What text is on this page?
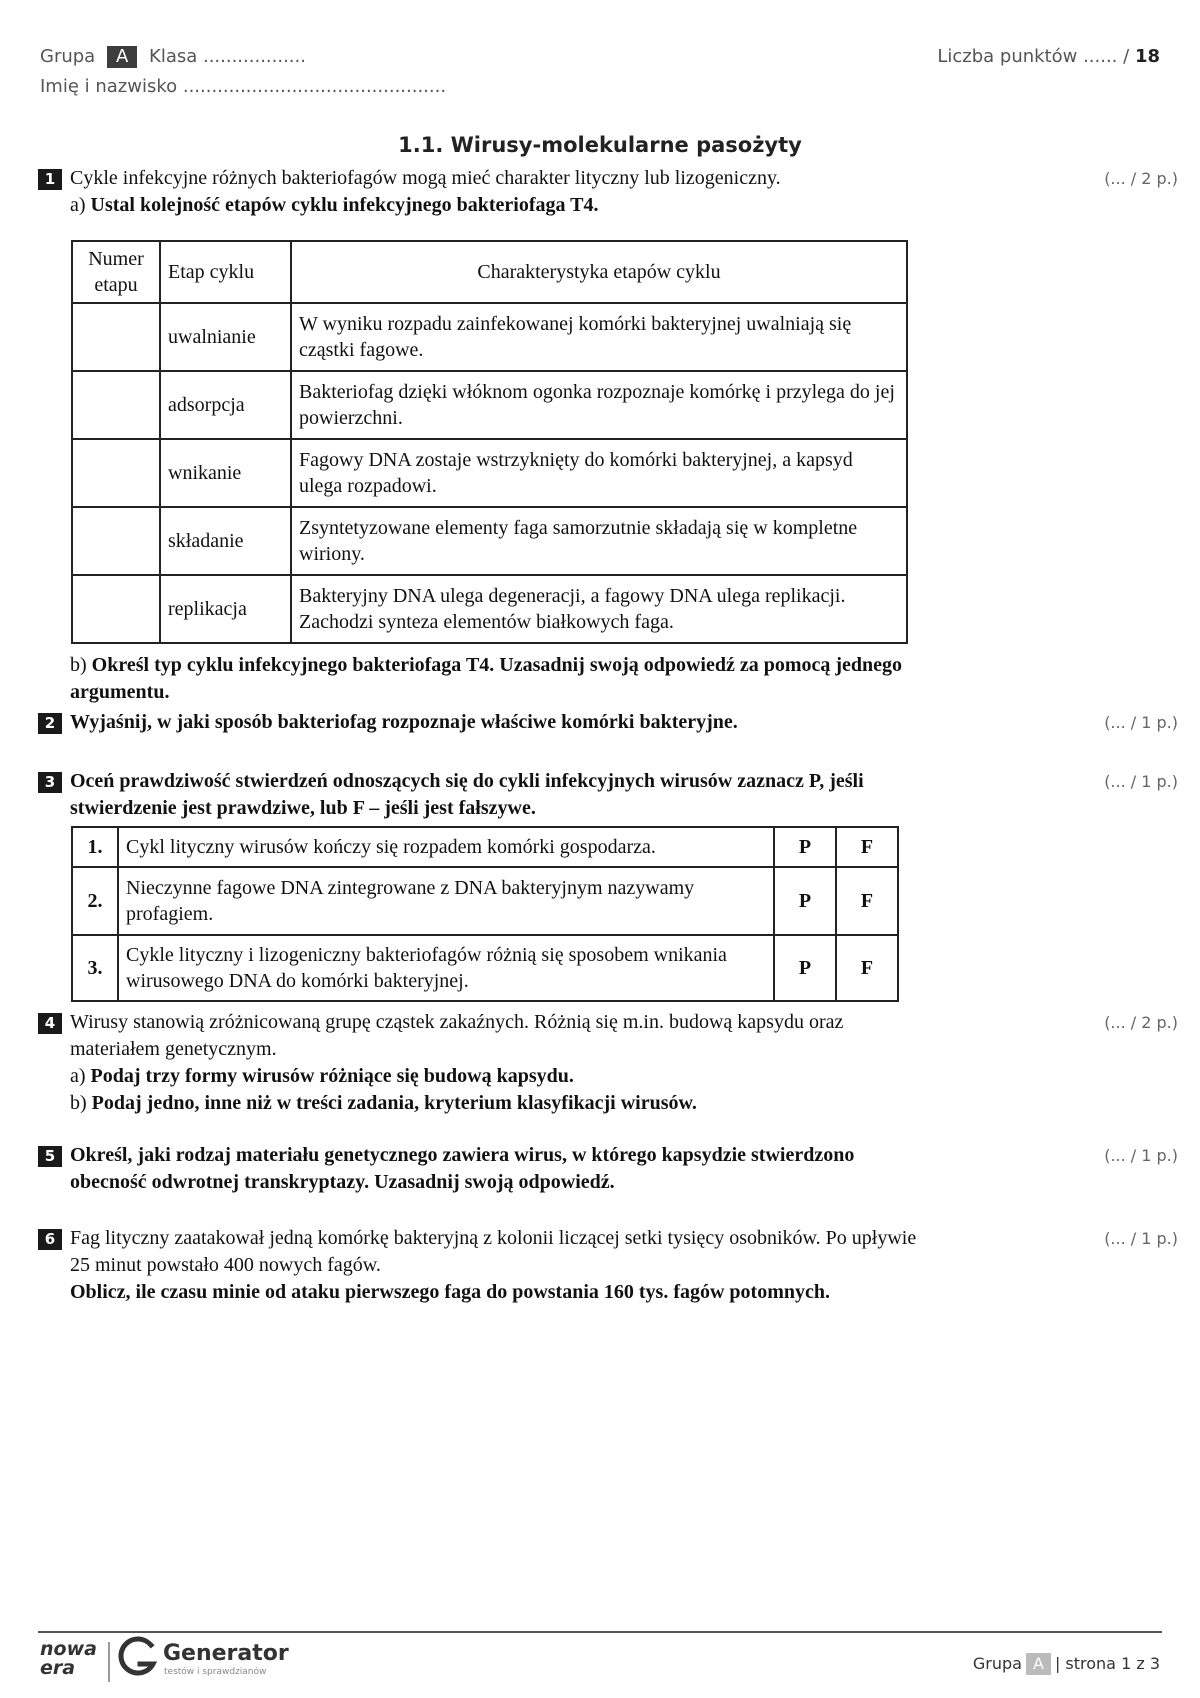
Grupa A Klasa ..................
Imię i nazwisko ..............................................
Liczba punktów ...... / 18
1.1. Wirusy-molekularne pasożyty
1	(... / 2 p.)
Cykle infekcyjne różnych bakteriofagów mogą mieć charakter lityczny lub lizogeniczny.
a) Ustal kolejność etapów cyklu infekcyjnego bakteriofaga T4.
Numer etapu	Etap cyklu	Charakterystyka etapów cyklu
	uwalnianie	W wyniku rozpadu zainfekowanej komórki bakteryjnej uwalniają się cząstki fagowe.
	adsorpcja	Bakteriofag dzięki włóknom ogonka rozpoznaje komórkę i przylega do jej powierzchni.
	wnikanie	Fagowy DNA zostaje wstrzyknięty do komórki bakteryjnej, a kapsyd ulega rozpadowi.
	składanie	Zsyntetyzowane elementy faga samorzutnie składają się w kompletne wiriony.
	replikacja	Bakteryjny DNA ulega degeneracji, a fagowy DNA ulega replikacji. Zachodzi synteza elementów białkowych faga.
b) Określ typ cyklu infekcyjnego bakteriofaga T4. Uzasadnij swoją odpowiedź za pomocą jednego argumentu.
2	(... / 1 p.)
Wyjaśnij, w jaki sposób bakteriofag rozpoznaje właściwe komórki bakteryjne.
3	(... / 1 p.)
Oceń prawdziwość stwierdzeń odnoszących się do cykli infekcyjnych wirusów zaznacz P, jeśli stwierdzenie jest prawdziwe, lub F – jeśli jest fałszywe.
1.	Cykl lityczny wirusów kończy się rozpadem komórki gospodarza.	P	F
2.	Nieczynne fagowe DNA zintegrowane z DNA bakteryjnym nazywamy profagiem.	P	F
3.	Cykle lityczny i lizogeniczny bakteriofagów różnią się sposobem wnikania wirusowego DNA do komórki bakteryjnej.	P	F
4	(... / 2 p.)
Wirusy stanowią zróżnicowaną grupę cząstek zakaźnych. Różnią się m.in. budową kapsydu oraz materiałem genetycznym.
a) Podaj trzy formy wirusów różniące się budową kapsydu.
b) Podaj jedno, inne niż w treści zadania, kryterium klasyfikacji wirusów.
5	(... / 1 p.)
Określ, jaki rodzaj materiału genetycznego zawiera wirus, w którego kapsydzie stwierdzono obecność odwrotnej transkryptazy. Uzasadnij swoją odpowiedź.
6	(... / 1 p.)
Fag lityczny zaatakował jedną komórkę bakteryjną z kolonii liczącej setki tysięcy osobników. Po upływie 25 minut powstało 400 nowych fagów.
Oblicz, ile czasu minie od ataku pierwszego faga do powstania 160 tys. fagów potomnych.
nowa
era
Generator
testów i sprawdzianów	Grupa A | strona 1 z 3
